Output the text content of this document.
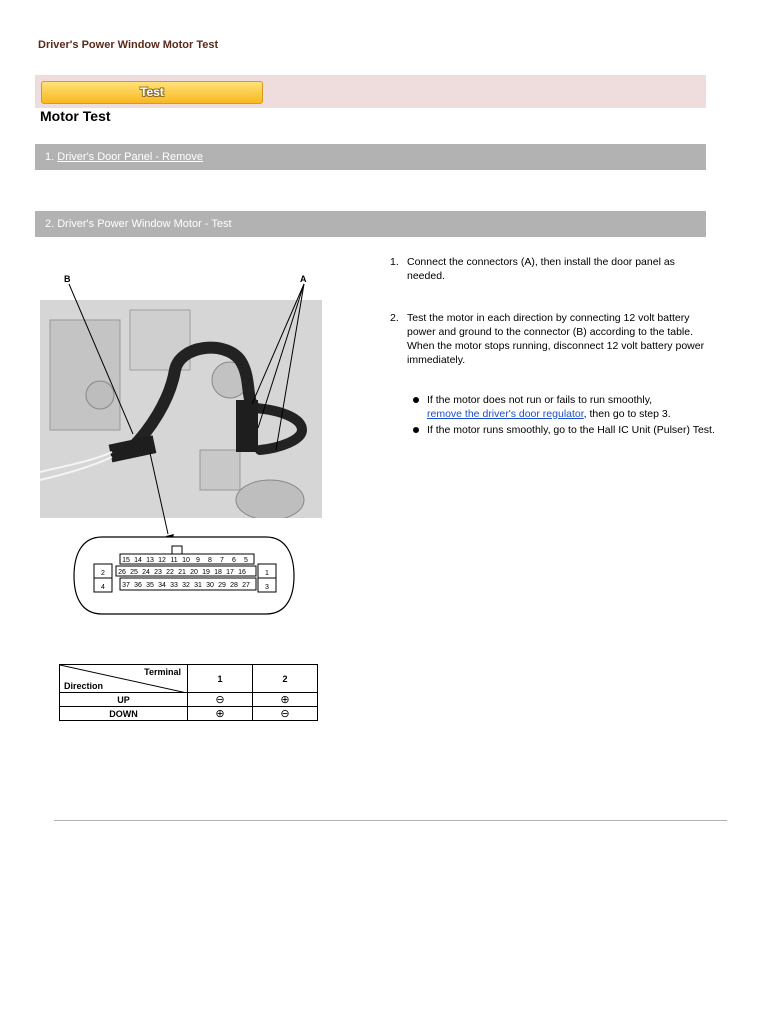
Driver's Power Window Motor Test
Test
Motor Test
1. Driver's Door Panel - Remove
2. Driver's Power Window Motor - Test
B	A
2
4
1
3
15 14 13 12 11 10 9 8 7 6 5
26 25 24 23 22 21 20 19 18 17 16
37 36 35 34 33 32 31 30 29 28 27
Terminal
Direction	1	2
UP	⊖	⊕
DOWN	⊕	⊖
1. Connect the connectors (A), then install the door panel as needed.
2. Test the motor in each direction by connecting 12 volt battery power and ground to the connector (B) according to the table. When the motor stops running, disconnect 12 volt battery power immediately.
If the motor does not run or fails to run smoothly,
remove the driver's door regulator, then go to step 3.
If the motor runs smoothly, go to the Hall IC Unit (Pulser) Test.
